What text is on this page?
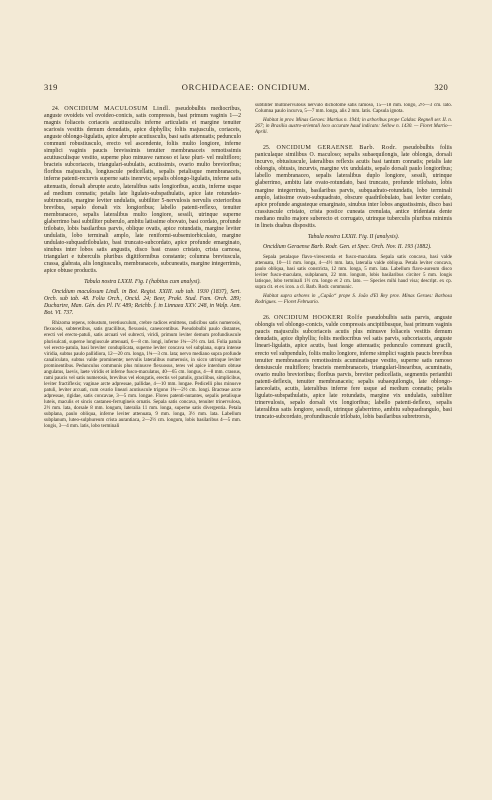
319	ORCHIDACEAE: ONCIDIUM.	320

24. ONCIDIUM MACULOSUM Lindl. pseudobulbis mediocribus, anguste ovoideis vel ovoideo-conicis, satis compressis, basi primum vaginis 1—2 magnis foliaceis coriaceis acutiusculis inferne articulatis et margine tenuiter scariosis vestitis demum denudatis, apice diphyllis; foliis majusculis, coriaceis, anguste oblongo-ligulatis, apice abrupte acutiusculis, basi satis attenuatis; pedunculo communi robustiusculo, erecto vel ascendente, foliis multo longiore, inferne simplici vaginis paucis brevissimis tenuiter membranaceis remotissimis acutiusculisque vestito, superne pluo minusve ramoso et laxe pluri- vel multifloro; bracteis subcoriaceis, triangulari-subulatis, acutissimis, ovario multo brevioribus; floribus majusculis, longiuscule pedicellatis, sepalis petalisque membranaceis, inferne patenti-recurvis superne satis inenrvis; sepalis oblongo-ligulatis, inferne satis attenuatis, dorsali abrupte acuto, lateralibus satis longioribus, acutis, inferne usque ad medium connatis; petalis late ligulato-subspathulatis, apice late rotundato-subtruncatis, margine leviter undulatis, subtiliter 5-nervulosis nervulis exterioribus brevibus, sepalo dorsali vix longioribus; labello patenti-reflexo, tenuiter membranaceo, sepalis lateralibus multo longiore, sessili, utrinque superne glaberrimo basi subtiliter puberulo, ambitu latissime obovato, basi cordato, profunde trilobato, lobis basilaribus parvis, oblique ovatis, apice rotundatis, margine leviter undulatis, lobo terminali amplo, late reniformi-subsemiorbiculato, margine undulato-subquadrilobulato, basi truncato-subcordato, apice profunde emarginato, sinubus inter lobos satis angustis, disco basi crasso cristato, crista carnosa, triangulari e tuberculis pluribus digitiformibus constante; columna breviuscula, crassa, glabrata, alis longiusculis, membranaceis, subcuneatis, margine integerrimis, apice obtuse productis.

Tabula nostra LXXII. Fig. I (habitus cum analysi).

Oncidium maculosum Lindl. in Bot. Regist. XXIII. sub tab. 1930 (1837), Sert. Orch. sub tab. 48. Folia Orch., Oncid. 24; Beer, Prakt. Stud. Fam. Orch. 289; Duchartre, Man. Gén. des Pl. IV. 489; Reichb. f. in Linnaea XXV. 248, in Walp. Ann. Bot. VI. 737.

Rhizoma repens, robustum, teretiusculum, crebre radices emittens, radicibus satis numerosis, flexuosis, subteretibus, satis gracilibus, flexuosis, canescentibus. Pseudobulbi paulo distantes, erecti vel erecto-patuli, satis arcuati vel subrecti, viridi, primum leviter demum profundiuscule plurisulcati, superne longiuscule attenuati, 6—8 cm. longi, inferne 1¾—2½ cm. lati. Folia patula vel erecto-patula, basi breviter conduplicata, superne leviter concava vel subplana, supra intense viridia, subtus paulo pallidiora, 12—20 cm. longa, 1¾—3 cm. lata; nervo mediano supra profunde canaliculato, subtus valde prominente; nervulis lateralibus numerosis, in sicco utrinque leviter prominentibus. Pedunculus communis plus minusve flexuosus, teres vel apice interdum obtuse angulatus, laevis, laete viridis et inferne fusco-maculatus, 40—65 cm. longus, 4—8 mm. crassus, rami paucis vel satis numerosis, brevibus vel elongatis, erectis vel patulis, gracilibus, simplicibus, leviter fractiflexis; vaginae arcte adpressae, pallidae, 4—10 mm. longae. Pedicelli plus minusve patuli, leviter arcuati, cum ovario lineari acutiuscule trigono 1¾—2½ cm. longi. Bracteae arcte adpressae, rigidae, satis concavae, 3—5 mm. longae. Flores patenti-nutantes, sepalis petalisque luteis, maculis et sincis castaneo-ferrugineis ornatis. Sepala satis concava, tenuiter trinervulosa, 2½ mm. lata, dorsale 8 mm. longum, lateralia 11 mm. longa, superne satis divergentia. Petala subplana, paulo obliqua, inferne leviter attenuata, 9 mm. longa, 3½ mm. lata. Labellum subplanum, luteo-sulphureum crista aurantiaca, 2—2½ cm. longum, lobis basilaribus 4—5 mm. longis, 3—4 mm. latis, lobo terminali

subtiliter multinervulosis nervulo dichotome satis ramoso, 15—18 mm. longo, 2½—3 cm. lato. Columna paulo incurva, 5—7 mm. longa, alis 2 mm. latis. Capsula ignota.

Habitat in prov. Minas Geraes: Martius n. 1944; in arboribus prope Caldas: Regnell ser. II. n. 267; in Brasilia austro-orientali loco accurate haud indicato: Sellow n. 1430. — Floret Martio—Aprili.

25. ONCIDIUM GERAENSE Barb. Rodr. pseudobulbis foliis paniculaque similibus O. maculoso; sepalis subaequilongis, late oblongis, dorsali incurvo, obtusiuscule, lateralibus reflexis acutis basi tantum connatis; petalis late oblongis, obtusis, incurvis, margine vix undulatis, sepalo dorsali paulo longioribus; labello membranaceo, sepalis lateralibus duplo longiore, sessili, utrinque glaberrimo, ambitu late ovato-rotundato, basi truncato, profunde trilobato, lobis margine integerrimis, basilaribus parvis, subquadrato-rotundatis, lobo terminali amplo, latissime ovato-subquadrato, obscure quadrilobulato, basi leviter cordato, apice profunde angusteque emarginato, sinubus inter lobos angustissimis, disco basi crassiuscule cristato, crista postice cuneata crenulata, antice tridentata dente mediano multo majore suberecto et corrugato, utrinque tuberculis pluribus minimis in lineis duabus dispositis.

Tabula nostra LXXII. Fig. II (analysis).

Oncidium Geraense Barb. Rodr. Gen. et Spec. Orch. Nov. II. 193 (1882).

Sepala petalaque flavo-virescentia et fusco-maculata. Sepala satis concava, basi valde attenuata, 10—11 mm. longa, 4—4½ mm. lata, lateralia valde obliqua. Petala leviter concava, paulo obliqua, basi satis constricta, 12 mm. longa, 5 mm. lata. Labellum flavo-aureum disco leviter fusco-maculato, subplanum, 22 mm. longum, lobis basilaribus circiter 5 mm. longis latisque, lobo terminali 1½ cm. longo et 2 cm. lato. — Species mihi haud visa; descript. ex cp. supra cit. et ex icon. a cl. Barb. Rodr. communic.

Habitat supra arbores in „Capão“ prope S. João d'El Rey prov. Minas Geraes: Barbosa Rodrigues. — Floret Februario.

26. ONCIDIUM HOOKERI Rolfe pseudobulbis satis parvis, anguste oblongis vel oblongo-conicis, valde compressis ancipitibusque, basi primum vaginis paucis majusculis subcoriaceis acutis plus minusve foliaceis vestitis demum denudatis, apice diphyllis; foliis mediocribus vel satis parvis, subcoriaceis, anguste lineari-ligulatis, apice acutis, basi longe attenuatis; pedunculo communi gracili, erecto vel subpendulo, foliis multo longiore, inferne simplici vaginis paucis brevibus tenuiter membranaceis remotissimis acuminatisque vestito, superne satis ramoso densiuscule multifloro; bracteis membranaceis, triangulari-linearibus, acuminatis, ovario multo brevioribus; floribus parvis, breviter pedicellatis, segmentis perianthii patenti-deflexis, tenuiter membranaceis; sepalis subaequilongis, late oblongo-lanceolatis, acutis, lateralibus inferne fere usque ad medium connatis; petalis ligulato-subspathulatis, apice late rotundatis, margine vix undulatis, subtiliter trinervulosis, sepalo dorsali vix longioribus; labello patenti-deflexo, sepalis lateralibus satis longiore, sessili, utrinque glaberrimo, ambitu subquadrangulo, basi truncato-subcordato, profundiuscule trilobato, lobis basilaribus subretrorsis,
